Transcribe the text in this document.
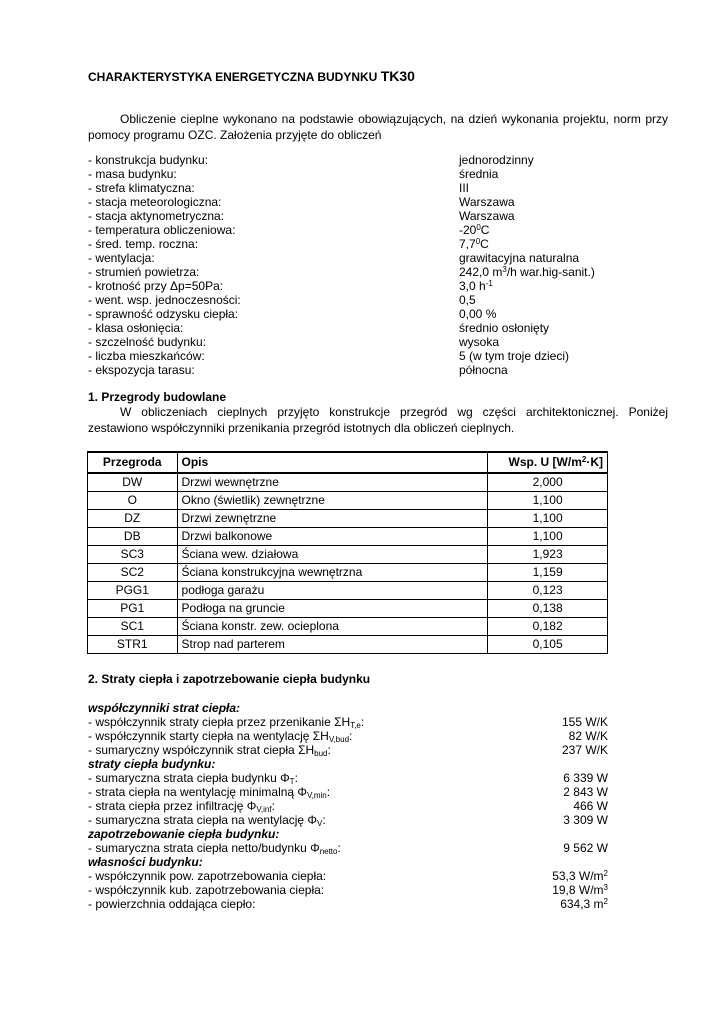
CHARAKTERYSTYKA ENERGETYCZNA BUDYNKU TK30
Obliczenie cieplne wykonano na podstawie obowiązujących, na dzień wykonania projektu, norm przy
pomocy programu OZC. Założenia przyjęte do obliczeń
- konstrukcja budynku:	jednorodzinny
- masa budynku:	średnia
- strefa klimatyczna:	III
- stacja meteorologiczna:	Warszawa
- stacja aktynometryczna:	Warszawa
- temperatura obliczeniowa:	$-20^0C$
- śred. temp. roczna:	$7,7^0C$
- wentylacja:	grawitacyjna naturalna
- strumień powietrza:	242,0 $m^3/h$ war.hig-sanit.)
- krotność przy Δp=50Pa:	3,0 $h^{-1}$
- went. wsp. jednoczesności:	0,5
- sprawność odzysku ciepła:	0,00 %
- klasa osłonięcia:	średnio osłonięty
- szczelność budynku:	wysoka
- liczba mieszkańców:	5 (w tym troje dzieci)
- ekspozycja tarasu:	północna
1. Przegrody budowlane
W obliczeniach cieplnych przyjęto konstrukcje przegród wg części architektonicznej. Poniżej
zestawiono współczynniki przenikania przegród istotnych dla obliczeń cieplnych.
Przegroda	Opis	Wsp. U $[W/m^2\cdot K]$
DW	Drzwi wewnętrzne	2,000
O	Okno (świetlik) zewnętrzne	1,100
DZ	Drzwi zewnętrzne	1,100
DB	Drzwi balkonowe	1,100
SC3	Ściana wew. działowa	1,923
SC2	Ściana konstrukcyjna wewnętrzna	1,159
PGG1	podłoga garażu	0,123
PG1	Podłoga na gruncie	0,138
SC1	Ściana konstr. zew. ocieplona	0,182
STR1	Strop nad parterem	0,105
2. Straty ciepła i zapotrzebowanie ciepła budynku
współczynniki strat ciepła:
- współczynnik straty ciepła przez przenikanie $\Sigma H_{T,e}$:	155 W/K
- współczynnik starty ciepła na wentylację $\Sigma H_{V,bud}$:	82 W/K
- sumaryczny współczynnik strat ciepła $\Sigma H_{bud}$:	237 W/K
straty ciepła budynku:
- sumaryczna strata ciepła budynku $\Phi_T$:	6 339 W
- strata ciepła na wentylację minimalną $\Phi_{V,min}$:	2 843 W
- strata ciepła przez infiltrację $\Phi_{V,inf}$:	466 W
- sumaryczna strata ciepła na wentylację $\Phi_V$:	3 309 W
zapotrzebowanie ciepła budynku:
- sumaryczna strata ciepła netto/budynku $\Phi_{netto}$:	9 562 W
własności budynku:
- współczynnik pow. zapotrzebowania ciepła:	53,3 $W/m^2$
- współczynnik kub. zapotrzebowania ciepła:	19,8 $W/m^3$
- powierzchnia oddająca ciepło:	634,3 $m^2$
